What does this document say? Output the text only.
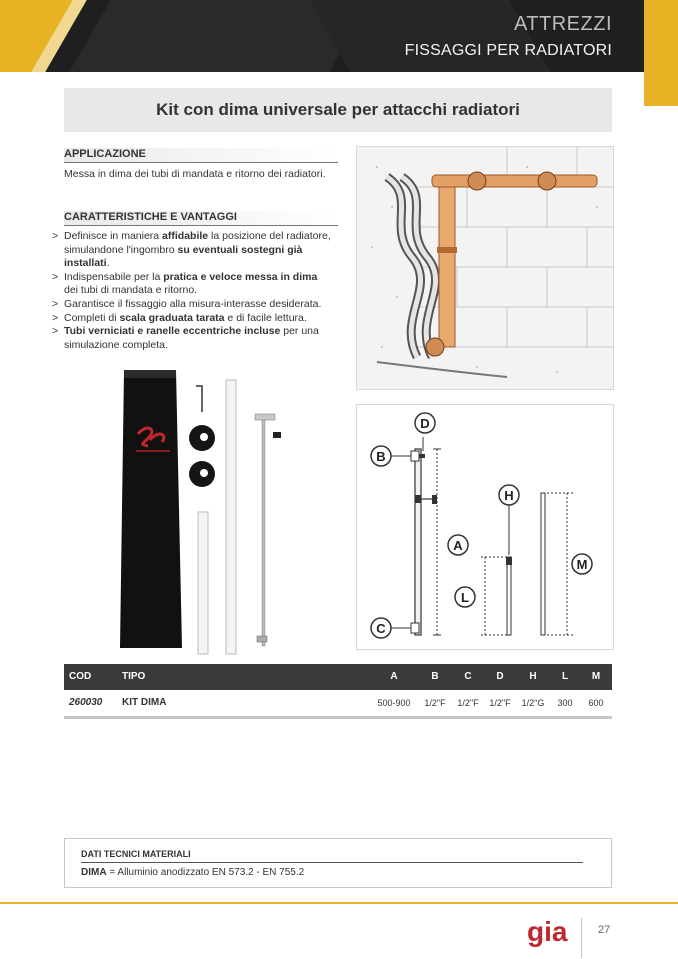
ATTREZZI
FISSAGGI PER RADIATORI
Kit con dima universale per attacchi radiatori
APPLICAZIONE
Messa in dima dei tubi di mandata e ritorno dei radiatori.
CARATTERISTICHE E VANTAGGI
> Definisce in maniera affidabile la posizione del radiatore,
simulandone l'ingombro su eventuali sostegni già
installati.
> Indispensabile per la pratica e veloce messa in dima
dei tubi di mandata e ritorno.
> Garantisce il fissaggio alla misura-interasse desiderata.
> Completi di scala graduata tarata e di facile lettura.
> Tubi verniciati e ranelle eccentriche incluse per una
simulazione completa.
D
B
A
C
H
L
M
COD	TIPO	A	B	C	D	H	L	M
260030 KIT DIMA	500-900	1/2"F	1/2"F	1/2"F	1/2"G	300	600
DATI TECNICI MATERIALI
DIMA = Alluminio anodizzato EN 573.2 - EN 755.2
gia	27
